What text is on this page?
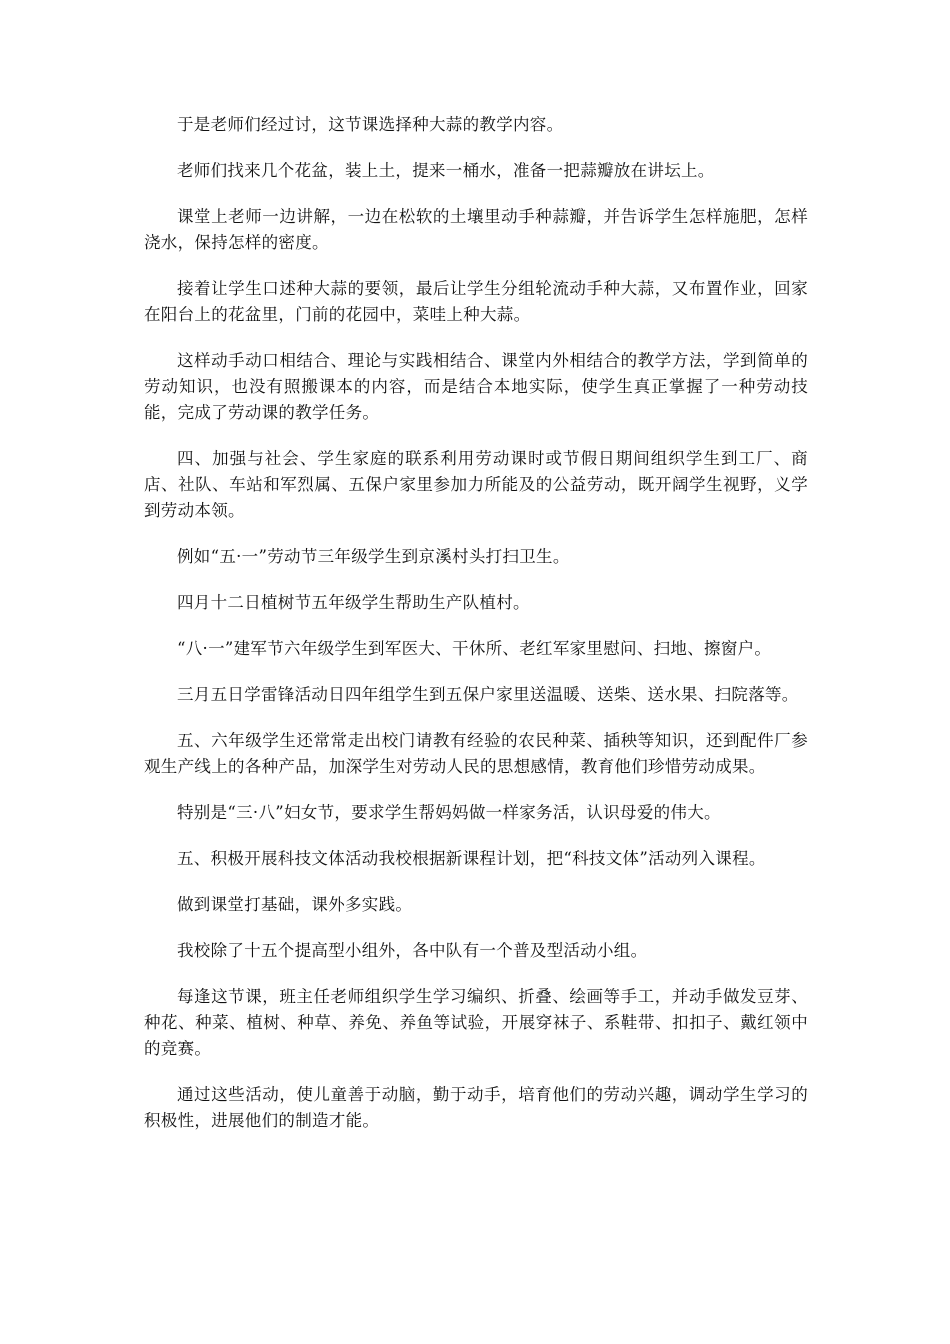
于是老师们经过讨，这节课选择种大蒜的教学内容。

老师们找来几个花盆，装上土，提来一桶水，准备一把蒜瓣放在讲坛上。

课堂上老师一边讲解，一边在松软的土壤里动手种蒜瓣，并告诉学生怎样施肥，怎样浇水，保持怎样的密度。

接着让学生口述种大蒜的要领，最后让学生分组轮流动手种大蒜，又布置作业，回家在阳台上的花盆里，门前的花园中，菜哇上种大蒜。

这样动手动口相结合、理论与实践相结合、课堂内外相结合的教学方法，学到简单的劳动知识，也没有照搬课本的内容，而是结合本地实际，使学生真正掌握了一种劳动技能，完成了劳动课的教学任务。

四、加强与社会、学生家庭的联系利用劳动课时或节假日期间组织学生到工厂、商店、社队、车站和军烈属、五保户家里参加力所能及的公益劳动，既开阔学生视野，义学到劳动本领。

例如“五·一”劳动节三年级学生到京溪村头打扫卫生。

四月十二日植树节五年级学生帮助生产队植村。

“八·一”建军节六年级学生到军医大、干休所、老红军家里慰问、扫地、擦窗户。

三月五日学雷锋活动日四年组学生到五保户家里送温暖、送柴、送水果、扫院落等。

五、六年级学生还常常走出校门请教有经验的农民种菜、插秧等知识，还到配件厂参观生产线上的各种产品，加深学生对劳动人民的思想感情，教育他们珍惜劳动成果。

特别是“三·八”妇女节，要求学生帮妈妈做一样家务活，认识母爱的伟大。

五、积极开展科技文体活动我校根据新课程计划，把“科技文体”活动列入课程。

做到课堂打基础，课外多实践。

我校除了十五个提高型小组外，各中队有一个普及型活动小组。

每逢这节课，班主任老师组织学生学习编织、折叠、绘画等手工，并动手做发豆芽、种花、种菜、植树、种草、养免、养鱼等试验，开展穿袜子、系鞋带、扣扣子、戴红领中的竞赛。

通过这些活动，使儿童善于动脑，勤于动手，培育他们的劳动兴趣，调动学生学习的积极性，进展他们的制造才能。
